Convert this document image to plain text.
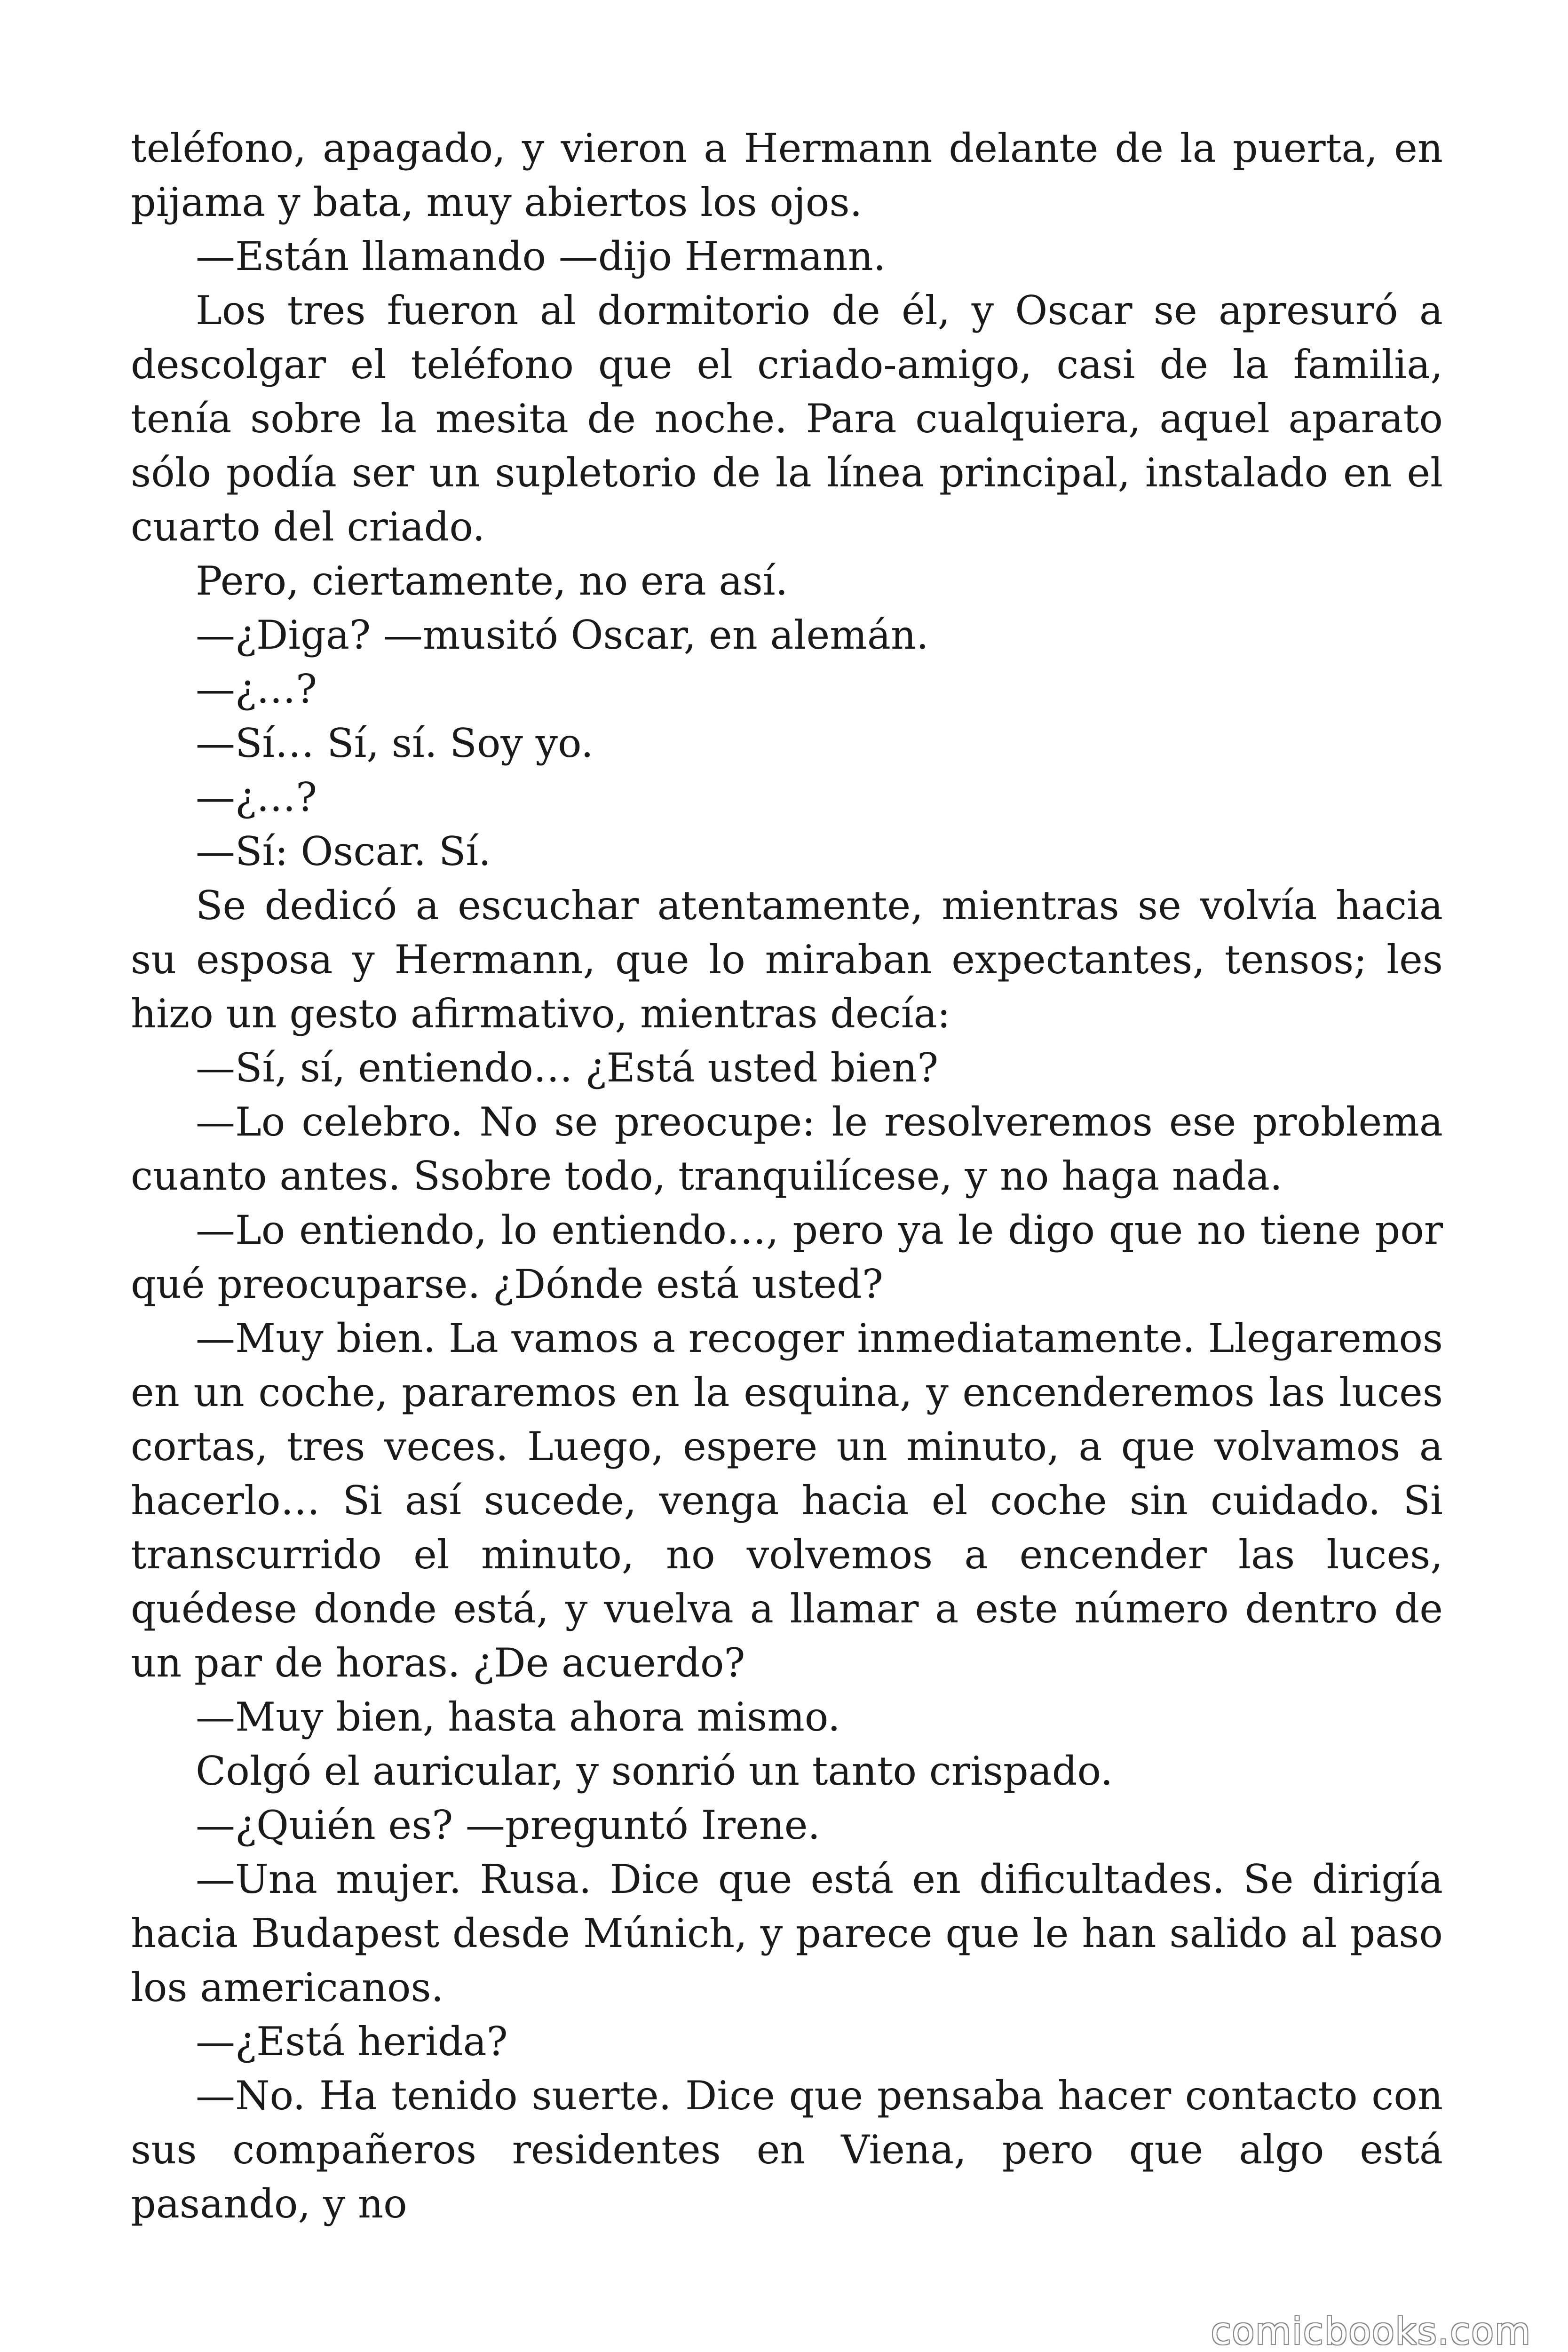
teléfono, apagado, y vieron a Hermann delante de la puerta, en pijama y bata, muy abiertos los ojos.

—Están llamando —dijo Hermann.

Los tres fueron al dormitorio de él, y Oscar se apresuró a descolgar el teléfono que el criado-amigo, casi de la familia, tenía sobre la mesita de noche. Para cualquiera, aquel aparato sólo podía ser un supletorio de la línea principal, instalado en el cuarto del criado.

Pero, ciertamente, no era así.

—¿Diga? —musitó Oscar, en alemán.

—¿…?

—Sí… Sí, sí. Soy yo.

—¿…?

—Sí: Oscar. Sí.

Se dedicó a escuchar atentamente, mientras se volvía hacia su esposa y Hermann, que lo miraban expectantes, tensos; les hizo un gesto afirmativo, mientras decía:

—Sí, sí, entiendo… ¿Está usted bien?

—Lo celebro. No se preocupe: le resolveremos ese problema cuanto antes. Ssobre todo, tranquilícese, y no haga nada.

—Lo entiendo, lo entiendo…, pero ya le digo que no tiene por qué preocuparse. ¿Dónde está usted?

—Muy bien. La vamos a recoger inmediatamente. Llegaremos en un coche, pararemos en la esquina, y encenderemos las luces cortas, tres veces. Luego, espere un minuto, a que volvamos a hacerlo… Si así sucede, venga hacia el coche sin cuidado. Si transcurrido el minuto, no volvemos a encender las luces, quédese donde está, y vuelva a llamar a este número dentro de un par de horas. ¿De acuerdo?

—Muy bien, hasta ahora mismo.

Colgó el auricular, y sonrió un tanto crispado.

—¿Quién es? —preguntó Irene.

—Una mujer. Rusa. Dice que está en dificultades. Se dirigía hacia Budapest desde Múnich, y parece que le han salido al paso los americanos.

—¿Está herida?

—No. Ha tenido suerte. Dice que pensaba hacer contacto con sus compañeros residentes en Viena, pero que algo está pasando, y no

comicbooks.com
